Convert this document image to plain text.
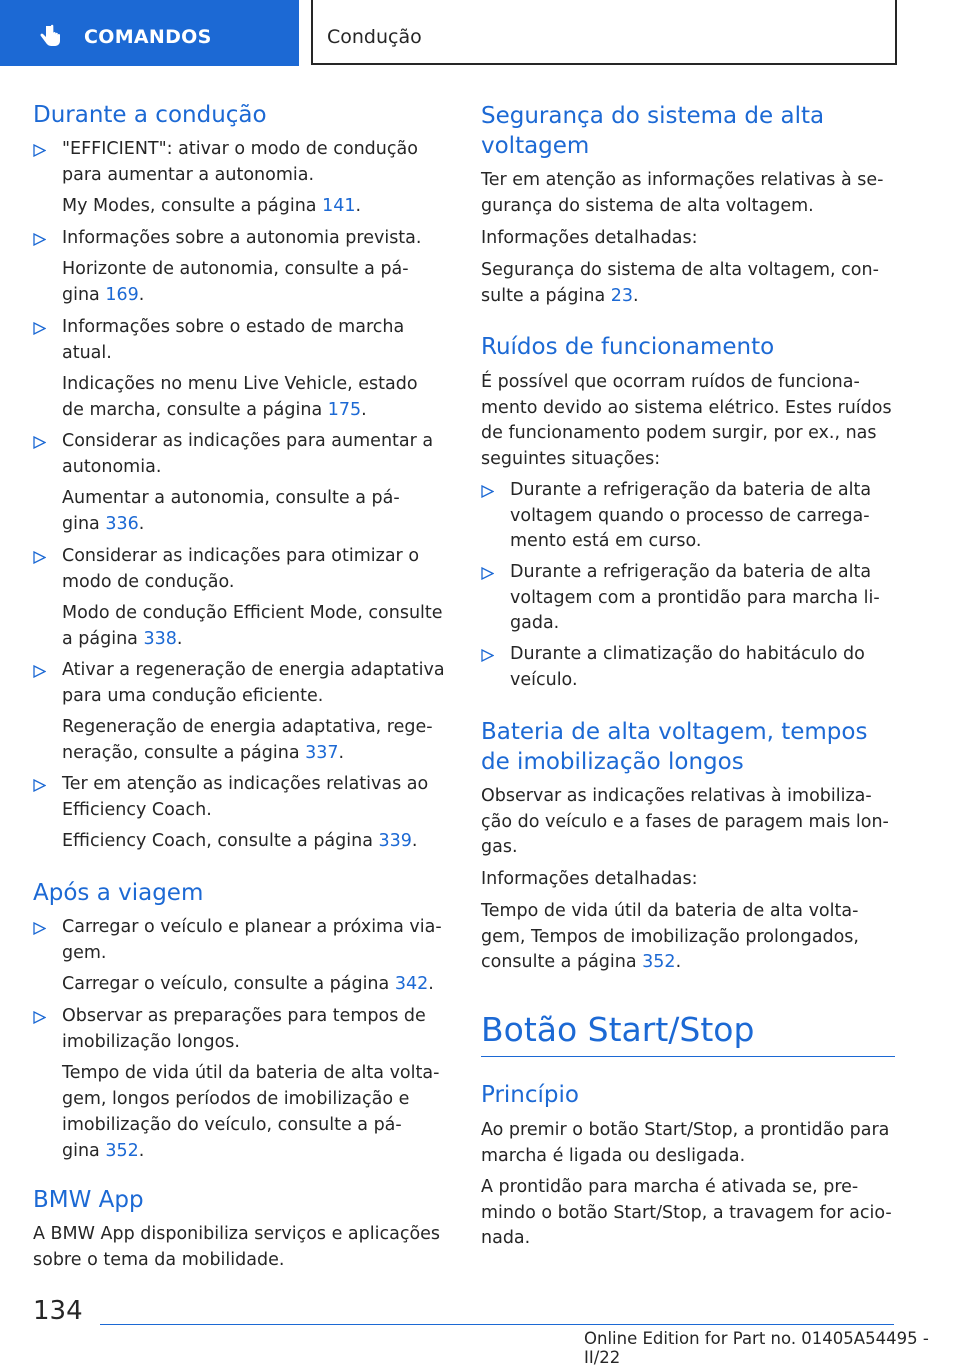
COMANDOS	Condução
Durante a condução
"EFFICIENT": ativar o modo de condução
para aumentar a autonomia.
My Modes, consulte a página 141.
Informações sobre a autonomia prevista.
Horizonte de autonomia, consulte a pá-
gina 169.
Informações sobre o estado de marcha
atual.
Indicações no menu Live Vehicle, estado
de marcha, consulte a página 175.
Considerar as indicações para aumentar a
autonomia.
Aumentar a autonomia, consulte a pá-
gina 336.
Considerar as indicações para otimizar o
modo de condução.
Modo de condução Efficient Mode, consulte
a página 338.
Ativar a regeneração de energia adaptativa
para uma condução eficiente.
Regeneração de energia adaptativa, rege-
neração, consulte a página 337.
Ter em atenção as indicações relativas ao
Efficiency Coach.
Efficiency Coach, consulte a página 339.
Após a viagem
Carregar o veículo e planear a próxima via-
gem.
Carregar o veículo, consulte a página 342.
Observar as preparações para tempos de
imobilização longos.
Tempo de vida útil da bateria de alta volta-
gem, longos períodos de imobilização e
imobilização do veículo, consulte a pá-
gina 352.
BMW App

A BMW App disponibiliza serviços e aplicações
sobre o tema da mobilidade.

Segurança do sistema de alta
voltagem

Ter em atenção as informações relativas à se-
gurança do sistema de alta voltagem.

Informações detalhadas:

Segurança do sistema de alta voltagem, con-
sulte a página 23.

Ruídos de funcionamento

É possível que ocorram ruídos de funciona-
mento devido ao sistema elétrico. Estes ruídos
de funcionamento podem surgir, por ex., nas
seguintes situações:

Durante a refrigeração da bateria de alta
voltagem quando o processo de carrega-
mento está em curso.
Durante a refrigeração da bateria de alta
voltagem com a prontidão para marcha li-
gada.
Durante a climatização do habitáculo do
veículo.
Bateria de alta voltagem, tempos
de imobilização longos

Observar as indicações relativas à imobiliza-
ção do veículo e a fases de paragem mais lon-
gas.

Informações detalhadas:

Tempo de vida útil da bateria de alta volta-
gem, Tempos de imobilização prolongados,
consulte a página 352.

Botão Start/Stop
Princípio

Ao premir o botão Start/Stop, a prontidão para
marcha é ligada ou desligada.

A prontidão para marcha é ativada se, pre-
mindo o botão Start/Stop, a travagem for acio-
nada.

134
Online Edition for Part no. 01405A54495 - II/22
